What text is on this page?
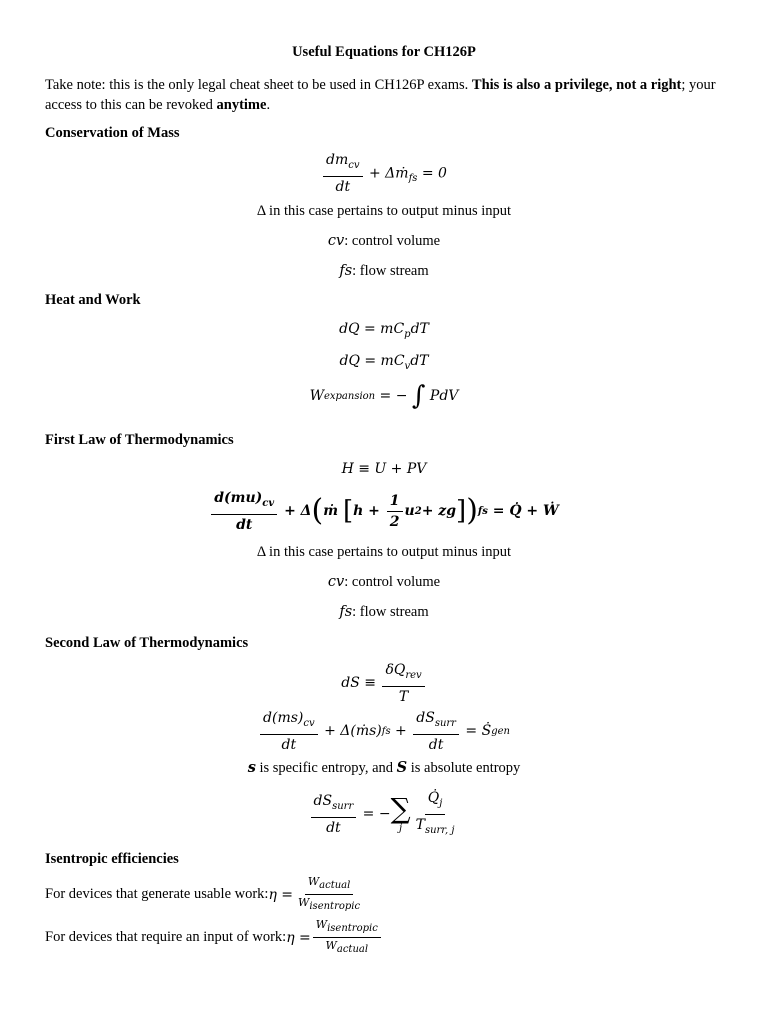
Useful Equations for CH126P
Take note: this is the only legal cheat sheet to be used in CH126P exams. This is also a privilege, not a right; your access to this can be revoked anytime.
Conservation of Mass
$\frac{dm_{cv}}{dt}$ + Δṁ$_{fs}$ = 0
Δ in this case pertains to output minus input
cv: control volume
fs: flow stream
Heat and Work
dQ = $mC_pdT$
dQ = $mC_vdT$
W expansion = − ∫ PdV
First Law of Thermodynamics
H ≡ U + PV
$\frac{d(mu)_{cv}}{dt} + \Delta$ ( ṁ [ $h + \frac{1}{2}$ u 2 + zg ] ) fs = Q̇ + Ẇ
Δ in this case pertains to output minus input
cv: control volume
fs: flow stream
Second Law of Thermodynamics
dS ≡ $\frac{\delta Q_{rev}}{T}$
$\frac{d(ms)_{cv}}{dt}$ + Δ(ṁs) fs + $\frac{dS_{surr}}{dt}$ = Ṡ gen
s is specific entropy, and S is absolute entropy
$\frac{dS_{surr}}{dt}$ = − ∑
j $\frac{Q̇_j}{T_{surr, j}}$
Isentropic efficiencies
For devices that generate usable work: $\eta = \frac{W_{actual}}{W_{isentropic}}$
For devices that require an input of work: $\eta = \frac{W_{isentropic}}{W_{actual}}$
